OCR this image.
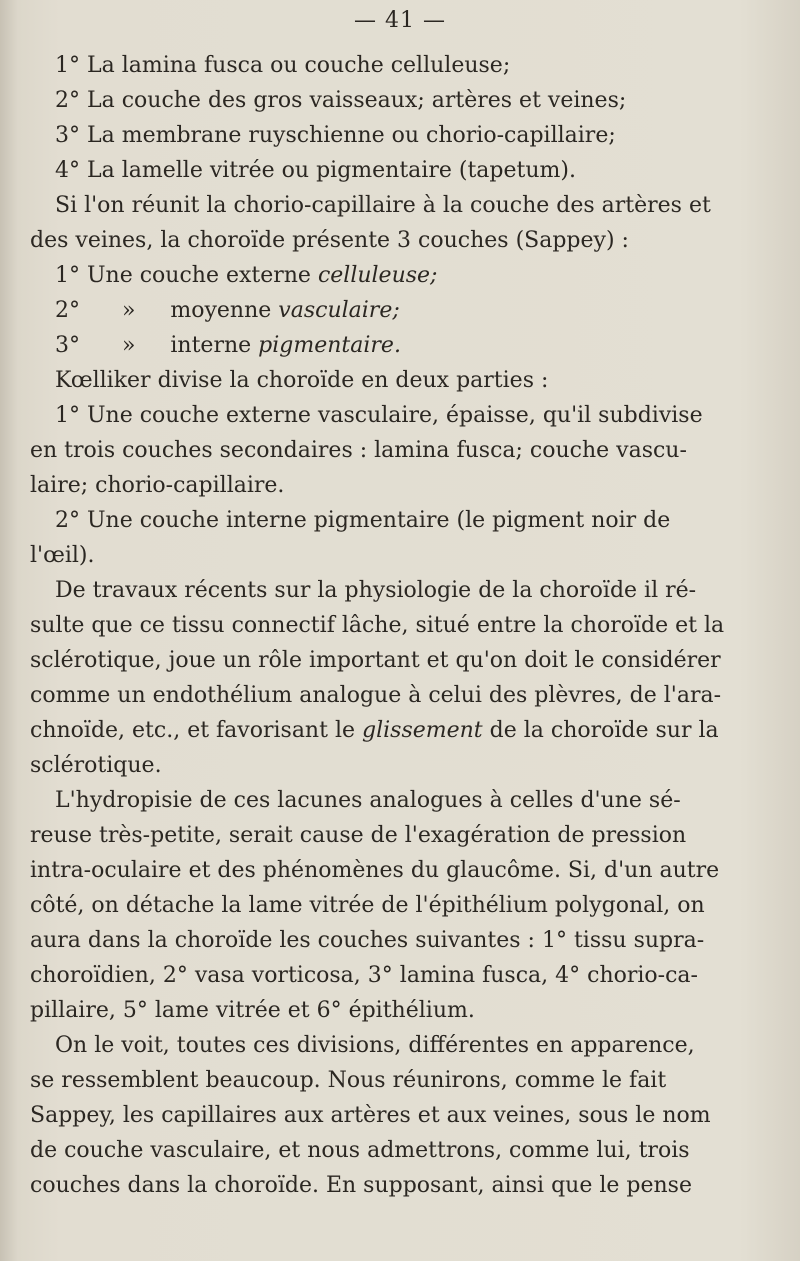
— 41 —
1° La lamina fusca ou couche celluleuse;
2° La couche des gros vaisseaux; artères et veines;
3° La membrane ruyschienne ou chorio-capillaire;
4° La lamelle vitrée ou pigmentaire (tapetum).
Si l'on réunit la chorio-capillaire à la couche des artères et
des veines, la choroïde présente 3 couches (Sappey) :
1° Une couche externe celluleuse;
2°      »     moyenne vasculaire;
3°      »     interne pigmentaire.
Kœlliker divise la choroïde en deux parties :
1° Une couche externe vasculaire, épaisse, qu'il subdivise
en trois couches secondaires : lamina fusca; couche vascu-
laire; chorio-capillaire.
2° Une couche interne pigmentaire (le pigment noir de
l'œil).
De travaux récents sur la physiologie de la choroïde il ré-
sulte que ce tissu connectif lâche, situé entre la choroïde et la
sclérotique, joue un rôle important et qu'on doit le considérer
comme un endothélium analogue à celui des plèvres, de l'ara-
chnoïde, etc., et favorisant le glissement de la choroïde sur la
sclérotique.
L'hydropisie de ces lacunes analogues à celles d'une sé-
reuse très-petite, serait cause de l'exagération de pression
intra-oculaire et des phénomènes du glaucôme. Si, d'un autre
côté, on détache la lame vitrée de l'épithélium polygonal, on
aura dans la choroïde les couches suivantes : 1° tissu supra-
choroïdien, 2° vasa vorticosa, 3° lamina fusca, 4° chorio-ca-
pillaire, 5° lame vitrée et 6° épithélium.
On le voit, toutes ces divisions, différentes en apparence,
se ressemblent beaucoup. Nous réunirons, comme le fait
Sappey, les capillaires aux artères et aux veines, sous le nom
de couche vasculaire, et nous admettrons, comme lui, trois
couches dans la choroïde. En supposant, ainsi que le pense
